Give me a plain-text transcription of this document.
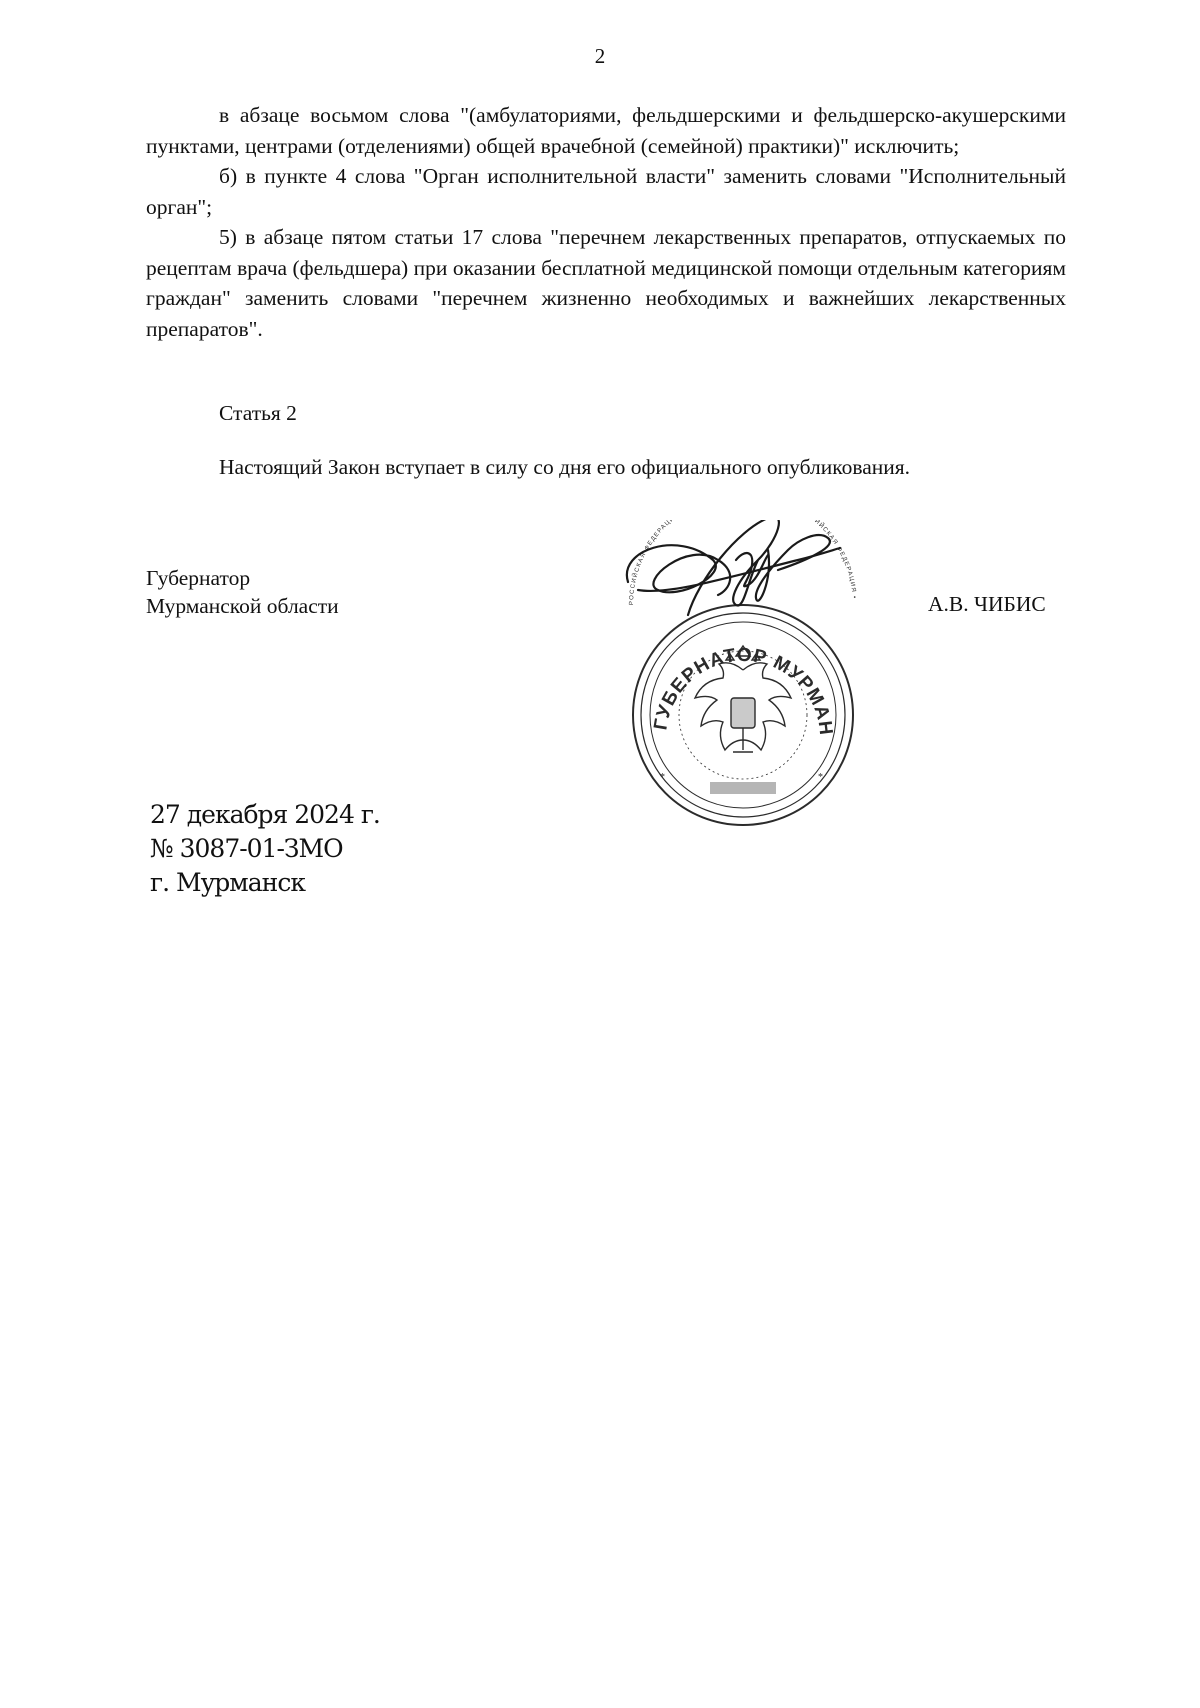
2

в абзаце восьмом слова "(амбулаториями, фельдшерскими и фельдшерско-акушерскими пунктами, центрами (отделениями) общей врачебной (семейной) практики)" исключить;

б) в пункте 4 слова "Орган исполнительной власти" заменить словами "Исполнительный орган";

5) в абзаце пятом статьи 17 слова "перечнем лекарственных препаратов, отпускаемых по рецептам врача (фельдшера) при оказании бесплатной медицинской помощи отдельным категориям граждан" заменить словами "перечнем жизненно необходимых и важнейших лекарственных препаратов".

Статья 2
Настоящий Закон вступает в силу со дня его официального опубликования.
Губернатор
Мурманской области	РОССИЙСКАЯ ФЕДЕРАЦ ИЙСКАЯ ФЕДЕРАЦИЯ •
ГУБЕРНАТОР МУРМАН
*	*
А.В. ЧИБИС
27 декабря 2024 г.
№ 3087-01-ЗМО
г. Мурманск
